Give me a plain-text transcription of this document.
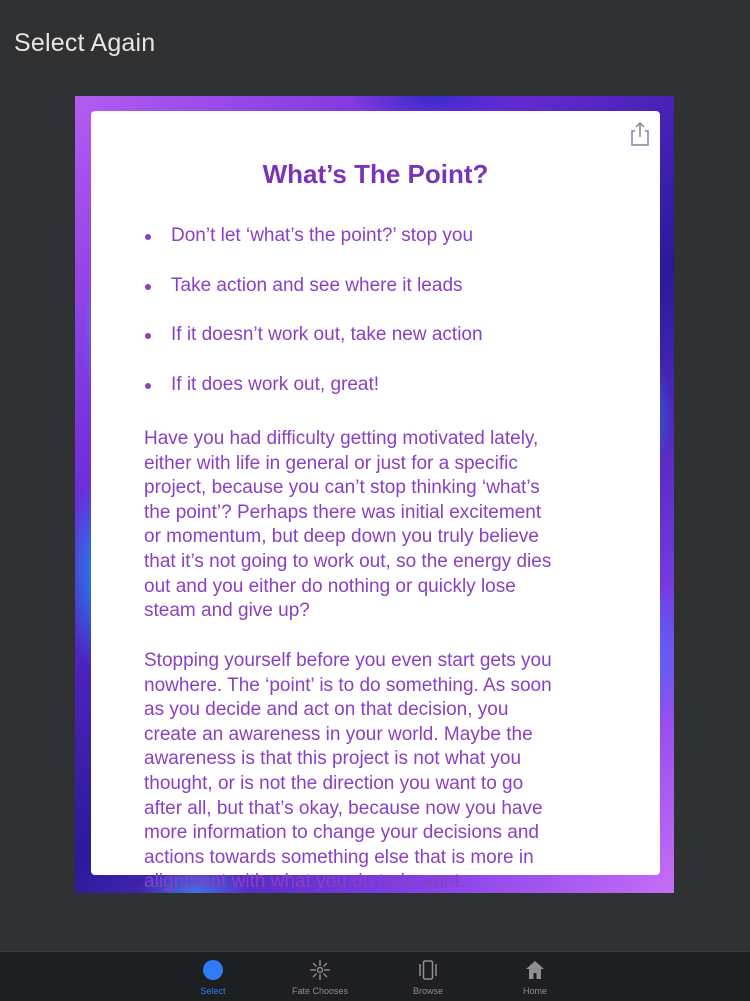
Select Again
What’s The Point?
Don’t let ‘what’s the point?’ stop you
Take action and see where it leads
If it doesn’t work out, take new action
If it does work out, great!

Have you had difficulty getting motivated lately,
either with life in general or just for a specific
project, because you can’t stop thinking ‘what’s
the point’? Perhaps there was initial excitement
or momentum, but deep down you truly believe
that it’s not going to work out, so the energy dies
out and you either do nothing or quickly lose
steam and give up?

Stopping yourself before you even start gets you
nowhere. The ‘point’ is to do something. As soon
as you decide and act on that decision, you
create an awareness in your world. Maybe the
awareness is that this project is not what you
thought, or is not the direction you want to go
after all, but that’s okay, because now you have
more information to change your decisions and
actions towards something else that is more in
alignment with what you do truly want.

Select	Fate Chooses	Browse	Home
